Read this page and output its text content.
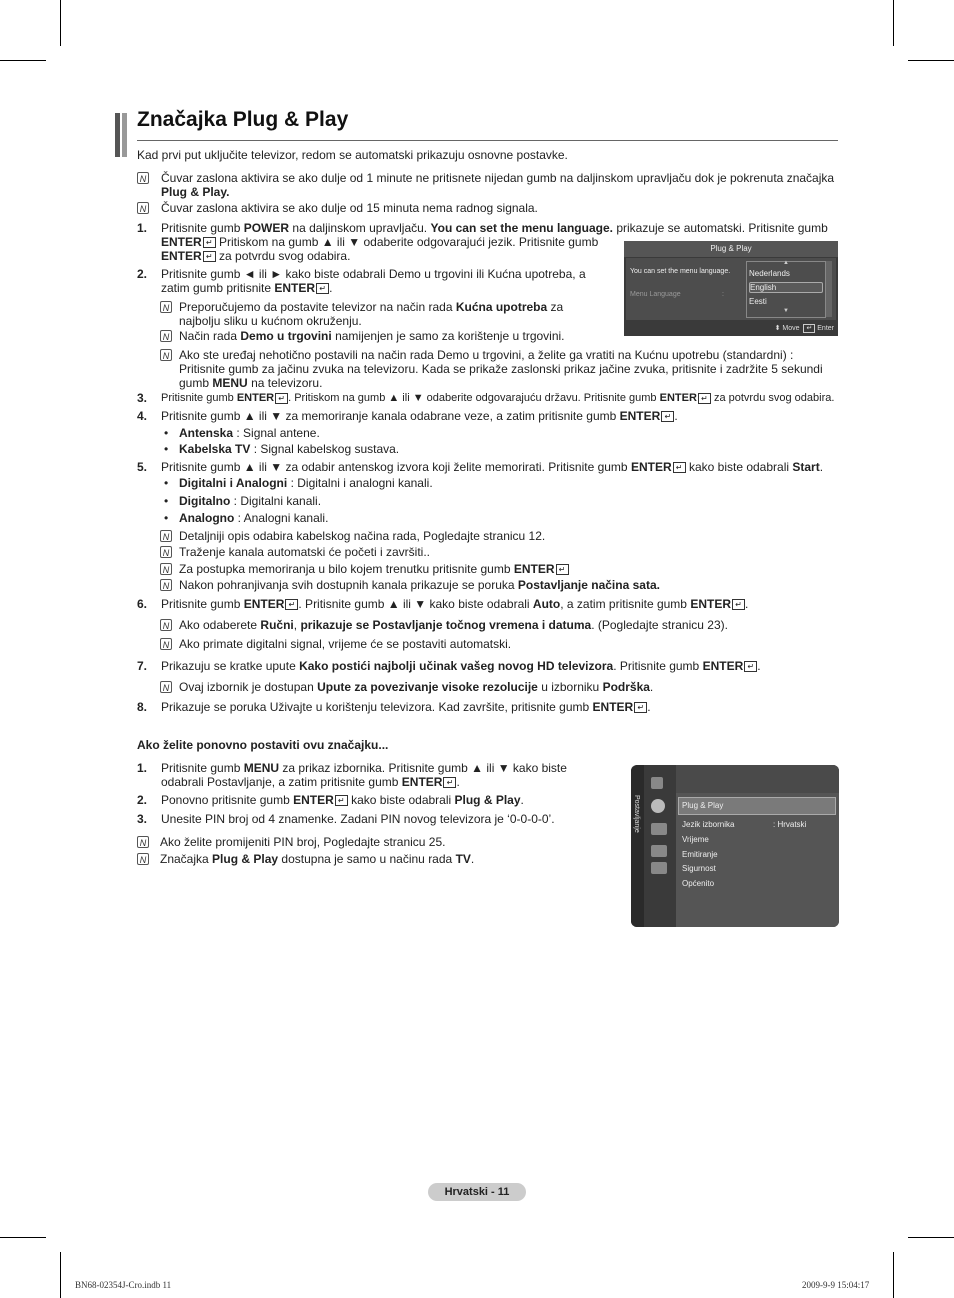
Značajka Plug & Play
Kad prvi put uključite televizor, redom se automatski prikazuju osnovne postavke.
N Čuvar zaslona aktivira se ako dulje od 1 minute ne pritisnete nijedan gumb na daljinskom upravljaču dok je pokrenuta značajka
Plug & Play.
N Čuvar zaslona aktivira se ako dulje od 15 minuta nema radnog signala.
1. Pritisnite gumb POWER na daljinskom upravljaču. You can set the menu language. prikazuje se automatski. Pritisnite gumb
ENTER ↵ Pritiskom na gumb ▲ ili ▼ odaberite odgovarajući jezik. Pritisnite gumb ENTER ↵ za potvrdu svog odabira.
2. Pritisnite gumb ◄ ili ► kako biste odabrali Demo u trgovini ili Kućna upotreba, a zatim gumb pritisnite ENTER ↵ .
N Preporučujemo da postavite televizor na način rada Kućna upotreba za najbolju sliku u kućnom okruženju.
N Način rada Demo u trgovini namijenjen je samo za korištenje u trgovini.
N Ako ste uređaj nehotično postavili na način rada Demo u trgovini, a želite ga vratiti na Kućnu upotrebu (standardni) : Pritisnite gumb za jačinu zvuka na televizoru. Kada se prikaže zaslonski prikaz jačine zvuka, pritisnite i zadržite 5 sekundi gumb MENU na televizoru.
3. Pritisnite gumb ENTER ↵ . Pritiskom na gumb ▲ ili ▼ odaberite odgovarajuću državu. Pritisnite gumb ENTER ↵ za potvrdu svog odabira.
4. Pritisnite gumb ▲ ili ▼ za memoriranje kanala odabrane veze, a zatim pritisnite gumb ENTER ↵ .
• Antenska : Signal antene.
• Kabelska TV : Signal kabelskog sustava.
5. Pritisnite gumb ▲ ili ▼ za odabir antenskog izvora koji želite memorirati. Pritisnite gumb ENTER ↵ kako biste odabrali Start.
• Digitalni i Analogni : Digitalni i analogni kanali.
• Digitalno : Digitalni kanali.
• Analogno : Analogni kanali.
N Detaljniji opis odabira kabelskog načina rada, Pogledajte stranicu 12.
N Traženje kanala automatski će početi i završiti..
N Za postupka memoriranja u bilo kojem trenutku pritisnite gumb ENTER ↵
N Nakon pohranjivanja svih dostupnih kanala prikazuje se poruka Postavljanje načina sata.
6. Pritisnite gumb ENTER ↵ . Pritisnite gumb ▲ ili ▼ kako biste odabrali Auto, a zatim pritisnite gumb ENTER ↵ .
N Ako odaberete Ručni, prikazuje se Postavljanje točnog vremena i datuma. (Pogledajte stranicu 23).
N Ako primate digitalni signal, vrijeme će se postaviti automatski.
7. Prikazuju se kratke upute Kako postići najbolji učinak vašeg novog HD televizora. Pritisnite gumb ENTER ↵ .
N Ovaj izbornik je dostupan Upute za povezivanje visoke rezolucije u izborniku Podrška.
8. Prikazuje se poruka Uživajte u korištenju televizora. Kad završite, pritisnite gumb ENTER ↵ .
Ako želite ponovno postaviti ovu značajku...
1. Pritisnite gumb MENU za prikaz izbornika. Pritisnite gumb ▲ ili ▼ kako biste odabrali Postavljanje, a zatim pritisnite gumb ENTER ↵ .
2. Ponovno pritisnite gumb ENTER ↵ kako biste odabrali Plug & Play.
3. Unesite PIN broj od 4 znamenke. Zadani PIN novog televizora je ‘0-0-0-0’.
N Ako želite promijeniti PIN broj, Pogledajte stranicu 25.
N Značajka Plug & Play dostupna je samo u načinu rada TV.
Plug & Play
You can set the menu language.
Menu Language	:
▲
Nederlands
English
Eesti
▼
⬍ Move ↵ Enter
Postavljanje	Plug & Play
Jezik izbornika	: Hrvatski
Vrijeme
Emitiranje
Sigurnost
Općenito
Hrvatski - 11
BN68-02354J-Cro.indb 11	2009-9-9 15:04:17
